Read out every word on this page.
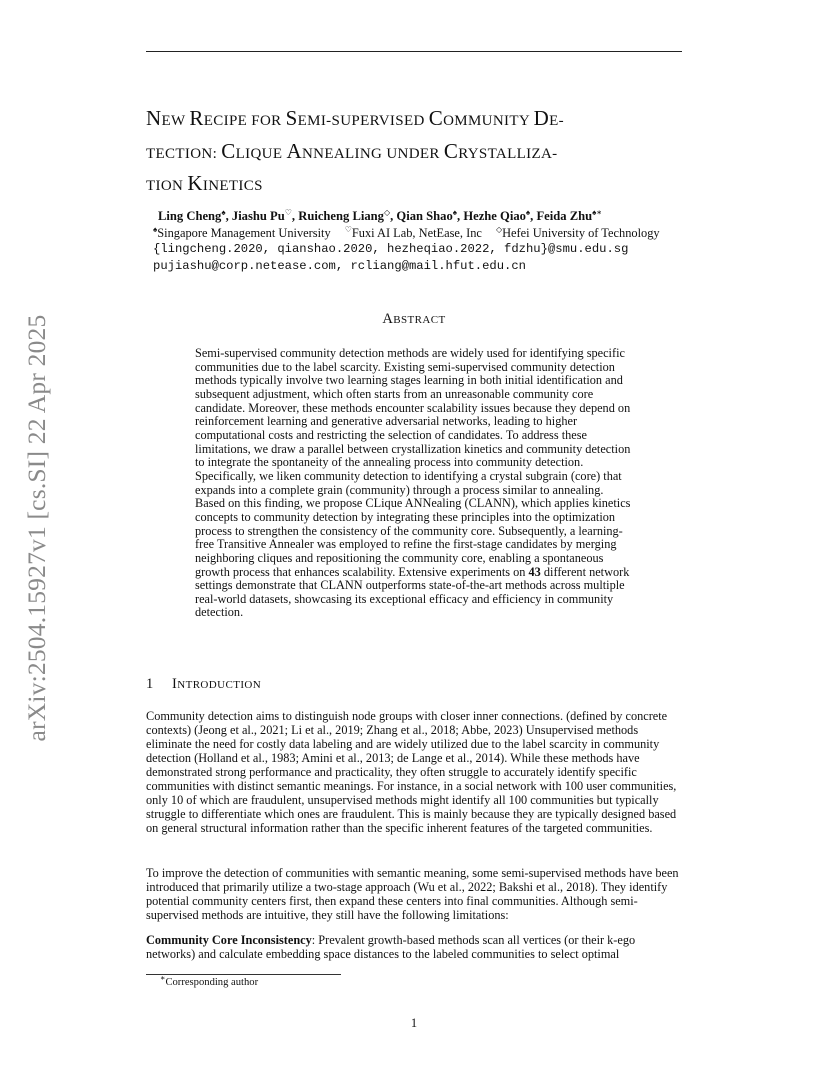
arXiv:2504.15927v1 [cs.SI] 22 Apr 2025
NEW RECIPE FOR SEMI-SUPERVISED COMMUNITY DE-
TECTION: CLIQUE ANNEALING UNDER CRYSTALLIZA-
TION KINETICS
Ling Cheng♠, Jiashu Pu♡, Ruicheng Liang◇, Qian Shao♠, Hezhe Qiao♠, Feida Zhu♠∗
♠Singapore Management University ♡Fuxi AI Lab, NetEase, Inc ◇Hefei University of Technology
{lingcheng.2020, qianshao.2020, hezheqiao.2022, fdzhu}@smu.edu.sg
pujiashu@corp.netease.com, rcliang@mail.hfut.edu.cn
ABSTRACT

Semi-supervised community detection methods are widely used for identifying specific communities due to the label scarcity. Existing semi-supervised community detection methods typically involve two learning stages learning in both initial identification and subsequent adjustment, which often starts from an unreasonable community core candidate. Moreover, these methods encounter scalability issues because they depend on reinforcement learning and generative adversarial networks, leading to higher computational costs and restricting the selection of candidates. To address these limitations, we draw a parallel between crystallization kinetics and community detection to integrate the spontaneity of the annealing process into community detection. Specifically, we liken community detection to identifying a crystal subgrain (core) that expands into a complete grain (community) through a process similar to annealing. Based on this finding, we propose CLique ANNealing (CLANN), which applies kinetics concepts to community detection by integrating these principles into the optimization process to strengthen the consistency of the community core. Subsequently, a learning-free Transitive Annealer was employed to refine the first-stage candidates by merging neighboring cliques and repositioning the community core, enabling a spontaneous growth process that enhances scalability. Extensive experiments on 43 different network settings demonstrate that CLANN outperforms state-of-the-art methods across multiple real-world datasets, showcasing its exceptional efficacy and efficiency in community detection.

1 INTRODUCTION

Community detection aims to distinguish node groups with closer inner connections. (defined by concrete contexts) (Jeong et al., 2021; Li et al., 2019; Zhang et al., 2018; Abbe, 2023) Unsupervised methods eliminate the need for costly data labeling and are widely utilized due to the label scarcity in community detection (Holland et al., 1983; Amini et al., 2013; de Lange et al., 2014). While these methods have demonstrated strong performance and practicality, they often struggle to accurately identify specific communities with distinct semantic meanings. For instance, in a social network with 100 user communities, only 10 of which are fraudulent, unsupervised methods might identify all 100 communities but typically struggle to differentiate which ones are fraudulent. This is mainly because they are typically designed based on general structural information rather than the specific inherent features of the targeted communities.

To improve the detection of communities with semantic meaning, some semi-supervised methods have been introduced that primarily utilize a two-stage approach (Wu et al., 2022; Bakshi et al., 2018). They identify potential community centers first, then expand these centers into final communities. Although semi-supervised methods are intuitive, they still have the following limitations:

Community Core Inconsistency: Prevalent growth-based methods scan all vertices (or their k-ego networks) and calculate embedding space distances to the labeled communities to select optimal

∗Corresponding author
1
